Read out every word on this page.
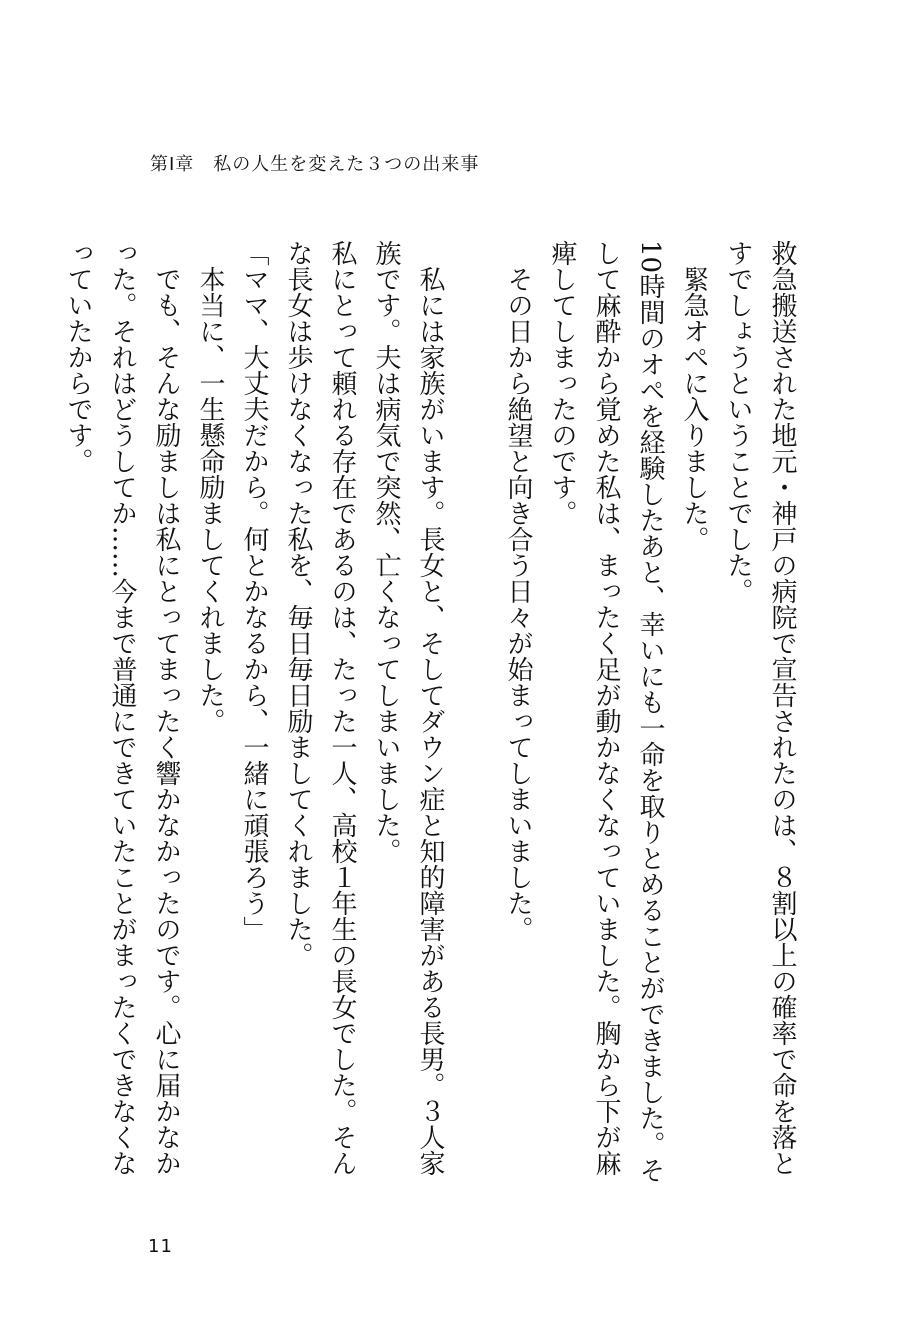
第Ⅰ章　私の人生を変えた３つの出来事

救急搬送された地元・神戸の病院で宣告されたのは、８割以上の確率で命を落とすでしょうということでした。

緊急オペに入りました。

10時間のオペを経験したあと、幸いにも一命を取りとめることができました。そして麻酔から覚めた私は、まったく足が動かなくなっていました。胸から下が麻痺してしまったのです。

その日から絶望と向き合う日々が始まってしまいました。

私には家族がいます。長女と、そしてダウン症と知的障害がある長男。３人家族です。夫は病気で突然、亡くなってしまいました。

私にとって頼れる存在であるのは、たった一人、高校１年生の長女でした。そんな長女は歩けなくなった私を、毎日毎日励ましてくれました。

「ママ、大丈夫だから。何とかなるから、一緒に頑張ろう」

本当に、一生懸命励ましてくれました。

でも、そんな励ましは私にとってまったく響かなかったのです。心に届かなかった。それはどうしてか……今まで普通にできていたことがまったくできなくなっていたからです。

11
